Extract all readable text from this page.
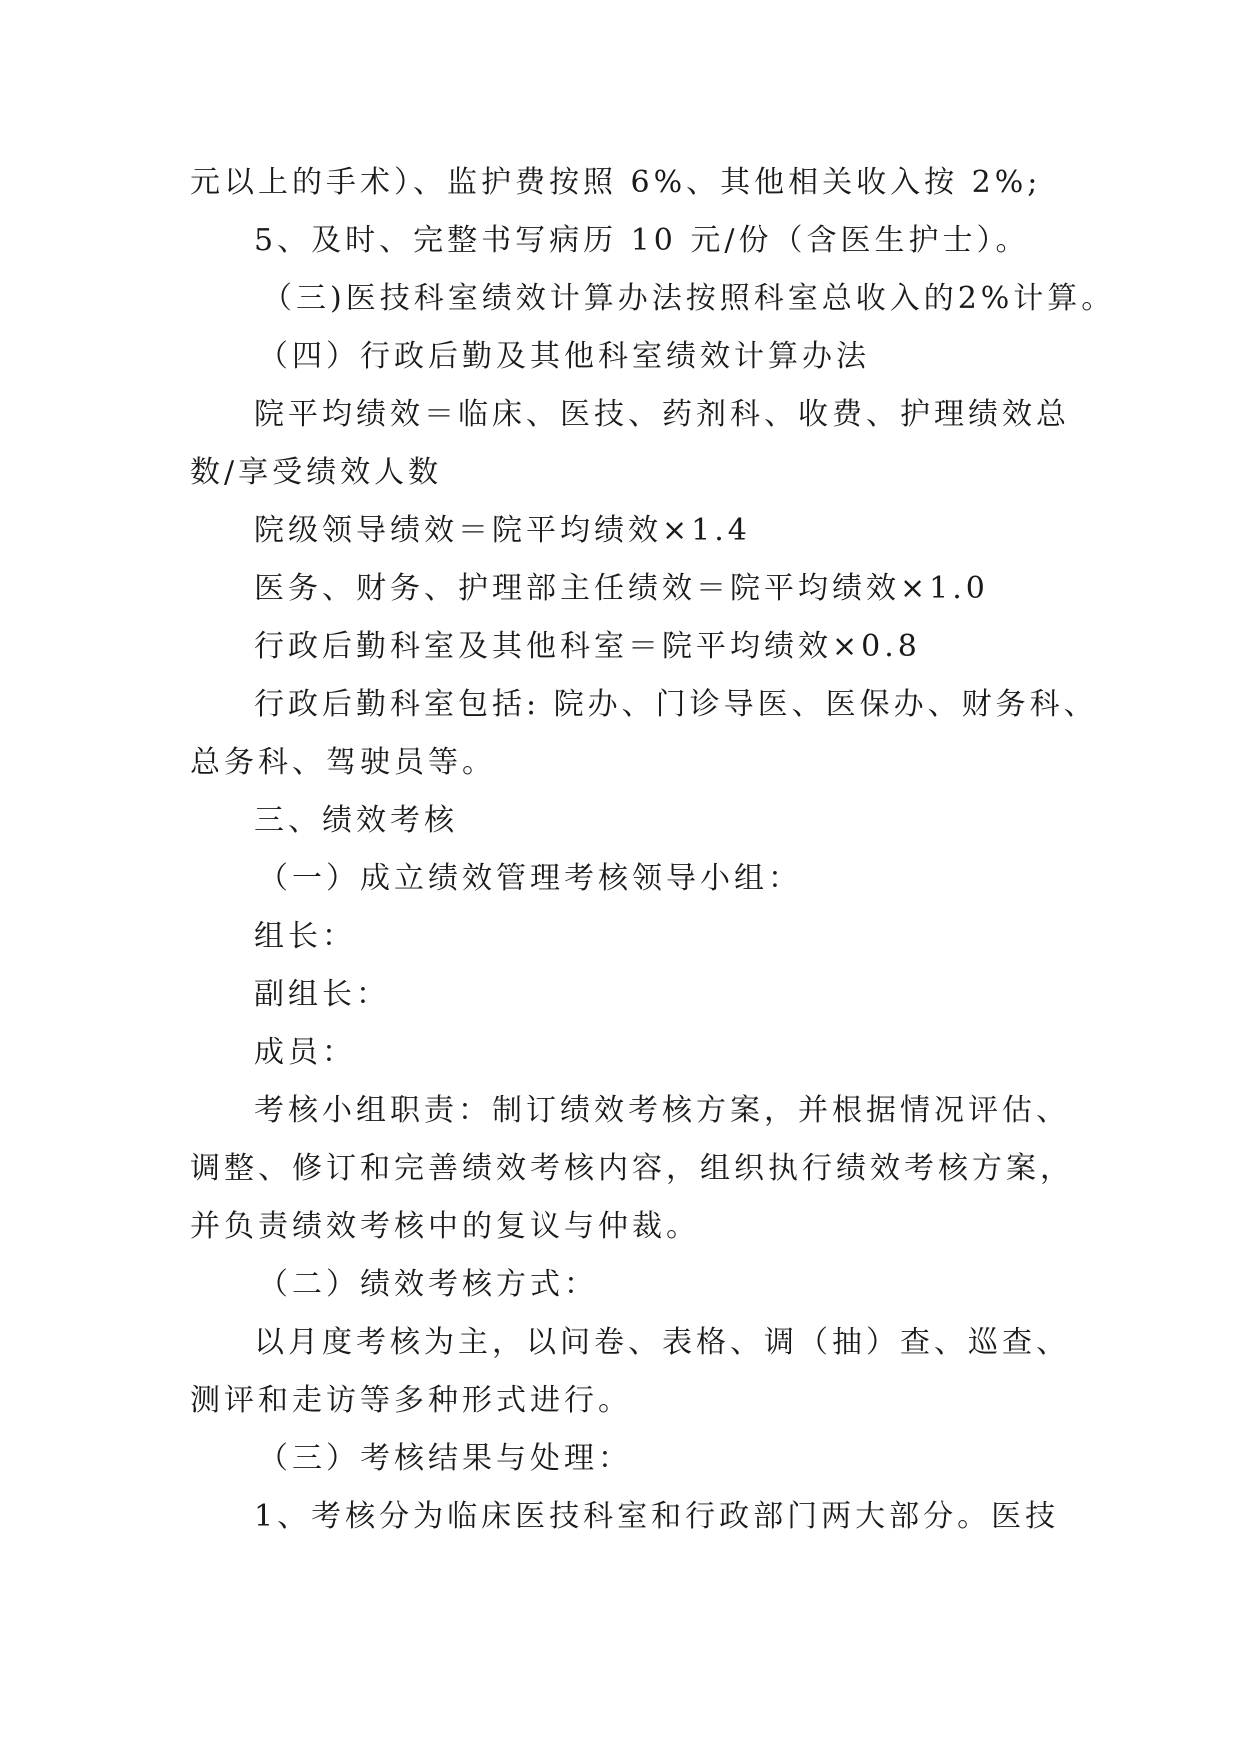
元以上的手术）、监护费按照 6%、其他相关收入按 2%;
5、及时、完整书写病历 10 元/份（含医生护士）。
（三)医技科室绩效计算办法按照科室总收入的2%计算。
（四）行政后勤及其他科室绩效计算办法
院平均绩效＝临床、医技、药剂科、收费、护理绩效总
数/享受绩效人数
院级领导绩效＝院平均绩效×1.4
医务、财务、护理部主任绩效＝院平均绩效×1.0
行政后勤科室及其他科室＝院平均绩效×0.8
行政后勤科室包括: 院办、门诊导医、医保办、财务科、
总务科、驾驶员等。
三、绩效考核
（一）成立绩效管理考核领导小组：
组长：
副组长：
成员：
考核小组职责：制订绩效考核方案，并根据情况评估、
调整、修订和完善绩效考核内容，组织执行绩效考核方案，
并负责绩效考核中的复议与仲裁。
（二）绩效考核方式：
以月度考核为主，以问卷、表格、调（抽）查、巡查、
测评和走访等多种形式进行。
（三）考核结果与处理：
1、考核分为临床医技科室和行政部门两大部分。医技
